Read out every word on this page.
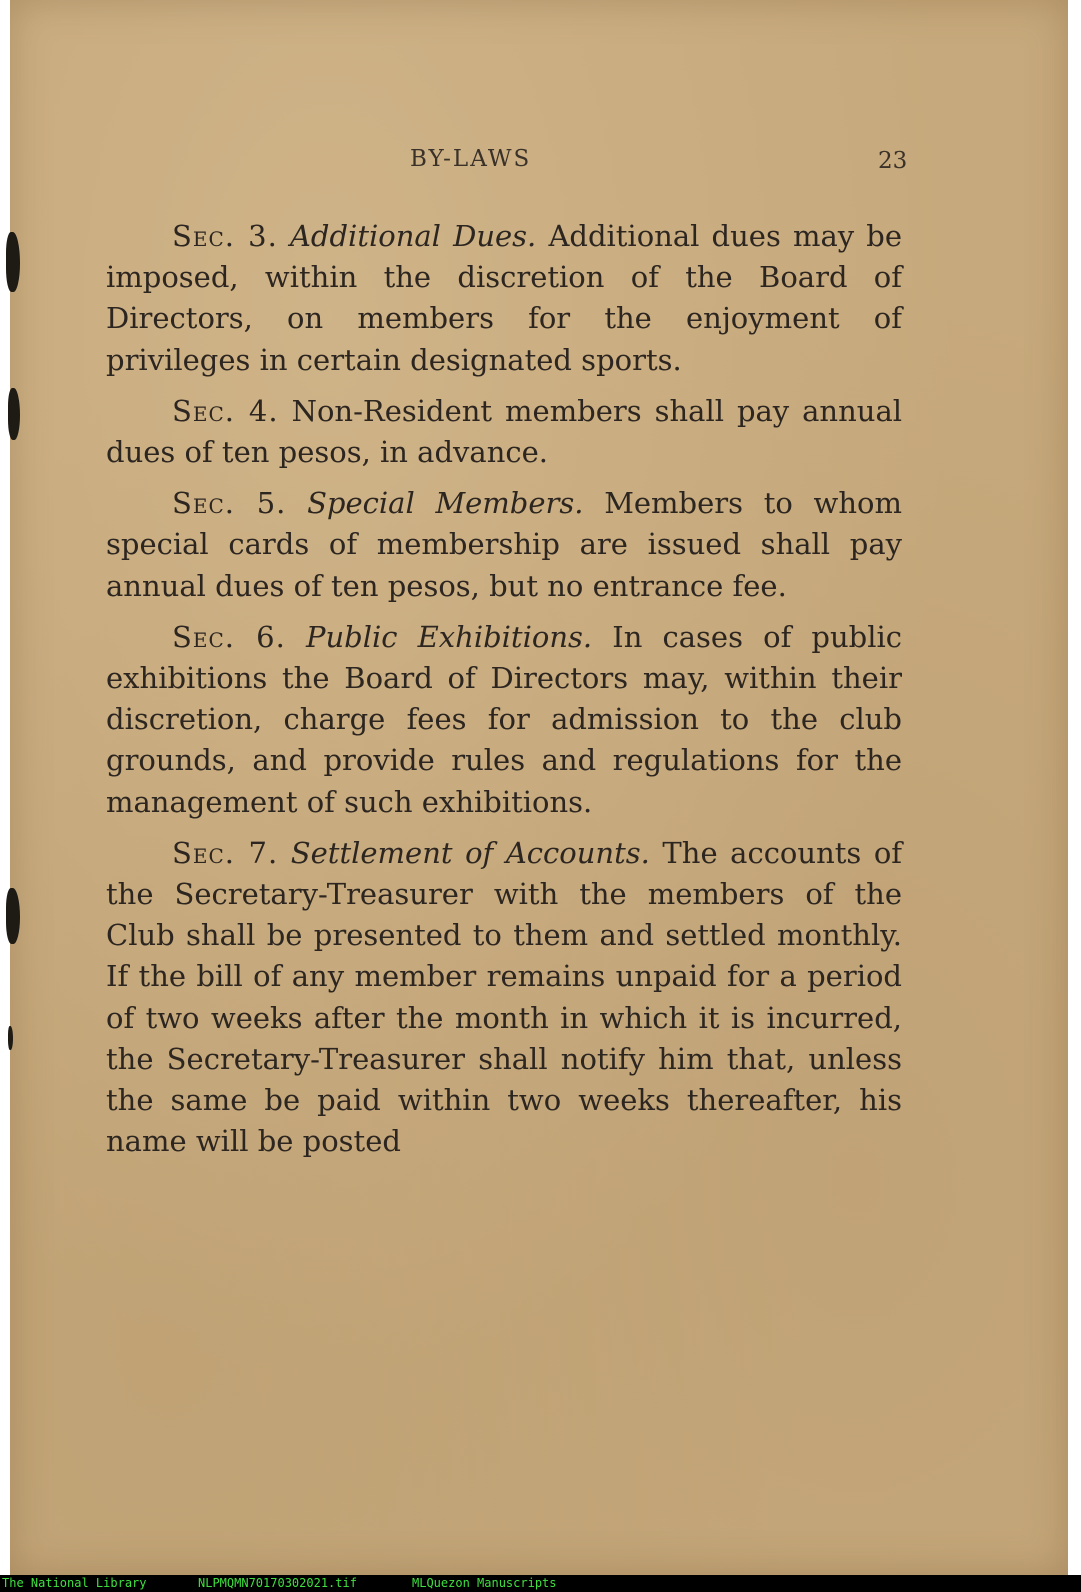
BY-LAWS	23

Sec. 3. Additional Dues. Additional dues may be imposed, within the discretion of the Board of Directors, on members for the enjoyment of privileges in certain designated sports.

Sec. 4. Non-Resident members shall pay annual dues of ten pesos, in advance.

Sec. 5. Special Members. Members to whom special cards of membership are issued shall pay annual dues of ten pesos, but no entrance fee.

Sec. 6. Public Exhibitions. In cases of public exhibitions the Board of Directors may, within their discretion, charge fees for admission to the club grounds, and provide rules and regulations for the management of such exhibitions.

Sec. 7. Settlement of Accounts. The accounts of the Secretary-Treasurer with the members of the Club shall be presented to them and settled monthly. If the bill of any member remains unpaid for a period of two weeks after the month in which it is incurred, the Secretary-Treasurer shall notify him that, unless the same be paid within two weeks thereafter, his name will be posted

The National Library

	NLPMQMN70170302021.tif

	MLQuezon Manuscripts
